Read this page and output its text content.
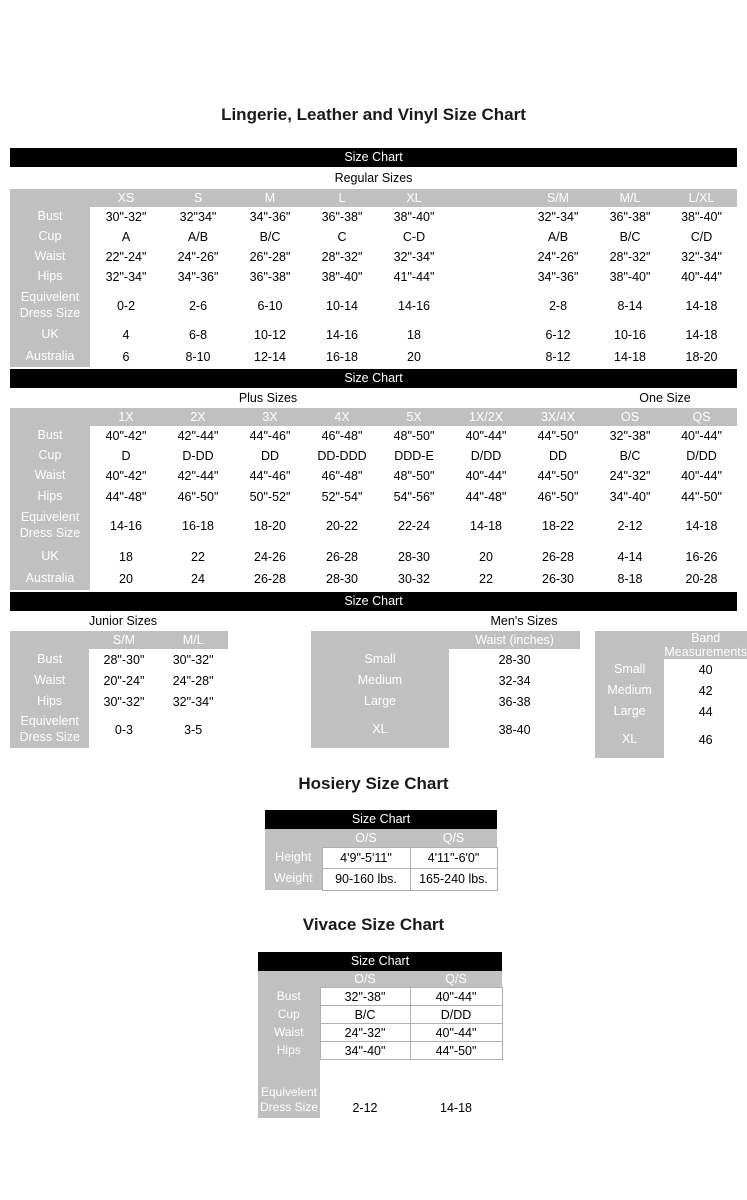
Lingerie, Leather and Vinyl Size Chart
Size Chart
Regular Sizes
	XS	S	M	L	XL		S/M	M/L	L/XL
Bust	30"-32"	32"34"	34"-36"	36"-38"	38"-40"		32"-34"	36"-38"	38"-40"
Cup	A	A/B	B/C	C	C-D		A/B	B/C	C/D
Waist	22"-24"	24"-26"	26"-28"	28"-32"	32"-34"		24"-26"	28"-32"	32"-34"
Hips	32"-34"	34"-36"	36"-38"	38"-40"	41"-44"		34"-36"	38"-40"	40"-44"
Equivelent Dress Size	0-2	2-6	6-10	10-14	14-16		2-8	8-14	14-18
UK	4	6-8	10-12	14-16	18		6-12	10-16	14-18
Australia	6	8-10	12-14	16-18	20		8-12	14-18	18-20
Size Chart
Plus Sizes	One Size
	1X	2X	3X	4X	5X	1X/2X	3X/4X	OS	QS
Bust	40"-42"	42"-44"	44"-46"	46"-48"	48"-50"	40"-44"	44"-50"	32"-38"	40"-44"
Cup	D	D-DD	DD	DD-DDD	DDD-E	D/DD	DD	B/C	D/DD
Waist	40"-42"	42"-44"	44"-46"	46"-48"	48"-50"	40"-44"	44"-50"	24"-32"	40"-44"
Hips	44"-48"	46"-50"	50"-52"	52"-54"	54"-56"	44"-48"	46"-50"	34"-40"	44"-50"
Equivelent Dress Size	14-16	16-18	18-20	20-22	22-24	14-18	18-22	2-12	14-18
UK	18	22	24-26	26-28	28-30	20	26-28	4-14	16-26
Australia	20	24	26-28	28-30	30-32	22	26-30	8-18	20-28
Size Chart
Junior Sizes	Men's Sizes
	S/M	M/L
Bust	28"-30"	30"-32"
Waist	20"-24"	24"-28"
Hips	30"-32"	32"-34"
Equivelent Dress Size	0-3	3-5
	Waist (inches)
Small	28-30
Medium	32-34
Large	36-38
XL	38-40
	Band Measurements
Small	40
Medium	42
Large	44
XL	46
Hosiery Size Chart
Size Chart
	O/S	Q/S
Height	4'9"-5'11"	4'11"-6'0"
Weight	90-160 lbs.	165-240 lbs.
Vivace Size Chart
Size Chart
	O/S	Q/S
Bust	32"-38"	40"-44"
Cup	B/C	D/DD
Waist	24"-32"	40"-44"
Hips	34"-40"	44"-50"

Equivelent Dress Size	2-12	14-18
